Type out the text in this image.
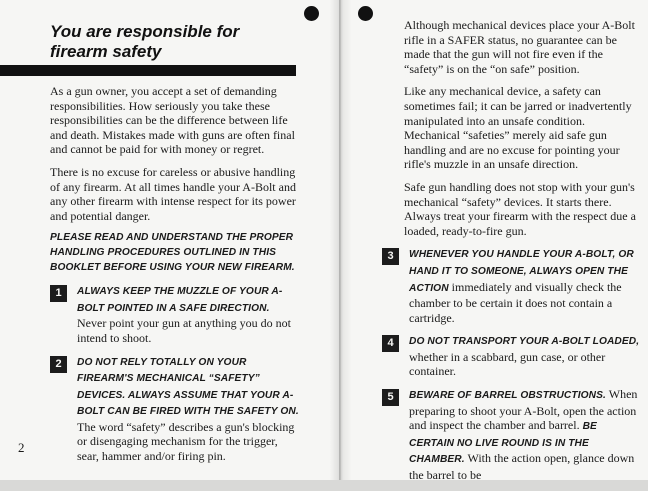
You are responsible for firearm safety

As a gun owner, you accept a set of demanding responsibilities. How seriously you take these responsibilities can be the difference between life and death. Mistakes made with guns are often final and cannot be paid for with money or regret.

There is no excuse for careless or abusive handling of any firearm. At all times handle your A-Bolt and any other firearm with intense respect for its power and potential danger.

PLEASE READ AND UNDERSTAND THE PROPER HANDLING PROCEDURES OUTLINED IN THIS BOOKLET BEFORE USING YOUR NEW FIREARM.

1	ALWAYS KEEP THE MUZZLE OF YOUR A-BOLT POINTED IN A SAFE DIRECTION. Never point your gun at anything you do not intend to shoot.
2	DO NOT RELY TOTALLY ON YOUR FIREARM'S MECHANICAL “SAFETY” DEVICES. ALWAYS ASSUME THAT YOUR A-BOLT CAN BE FIRED WITH THE SAFETY ON. The word “safety” describes a gun's blocking or disengaging mechanism for the trigger, sear, hammer and/or firing pin.
2

Although mechanical devices place your A-Bolt rifle in a SAFER status, no guarantee can be made that the gun will not fire even if the “safety” is on the “on safe” position.

Like any mechanical device, a safety can sometimes fail; it can be jarred or inadvertently manipulated into an unsafe condition. Mechanical “safeties” merely aid safe gun handling and are no excuse for pointing your rifle's muzzle in an unsafe direction.

Safe gun handling does not stop with your gun's mechanical “safety” devices. It starts there. Always treat your firearm with the respect due a loaded, ready-to-fire gun.

3	WHENEVER YOU HANDLE YOUR A-BOLT, OR HAND IT TO SOMEONE, ALWAYS OPEN THE ACTION immediately and visually check the chamber to be certain it does not contain a cartridge.
4	DO NOT TRANSPORT YOUR A-BOLT LOADED, whether in a scabbard, gun case, or other container.
5	BEWARE OF BARREL OBSTRUCTIONS. When preparing to shoot your A-Bolt, open the action and inspect the chamber and barrel. BE CERTAIN NO LIVE ROUND IS IN THE CHAMBER. With the action open, glance down the barrel to be
